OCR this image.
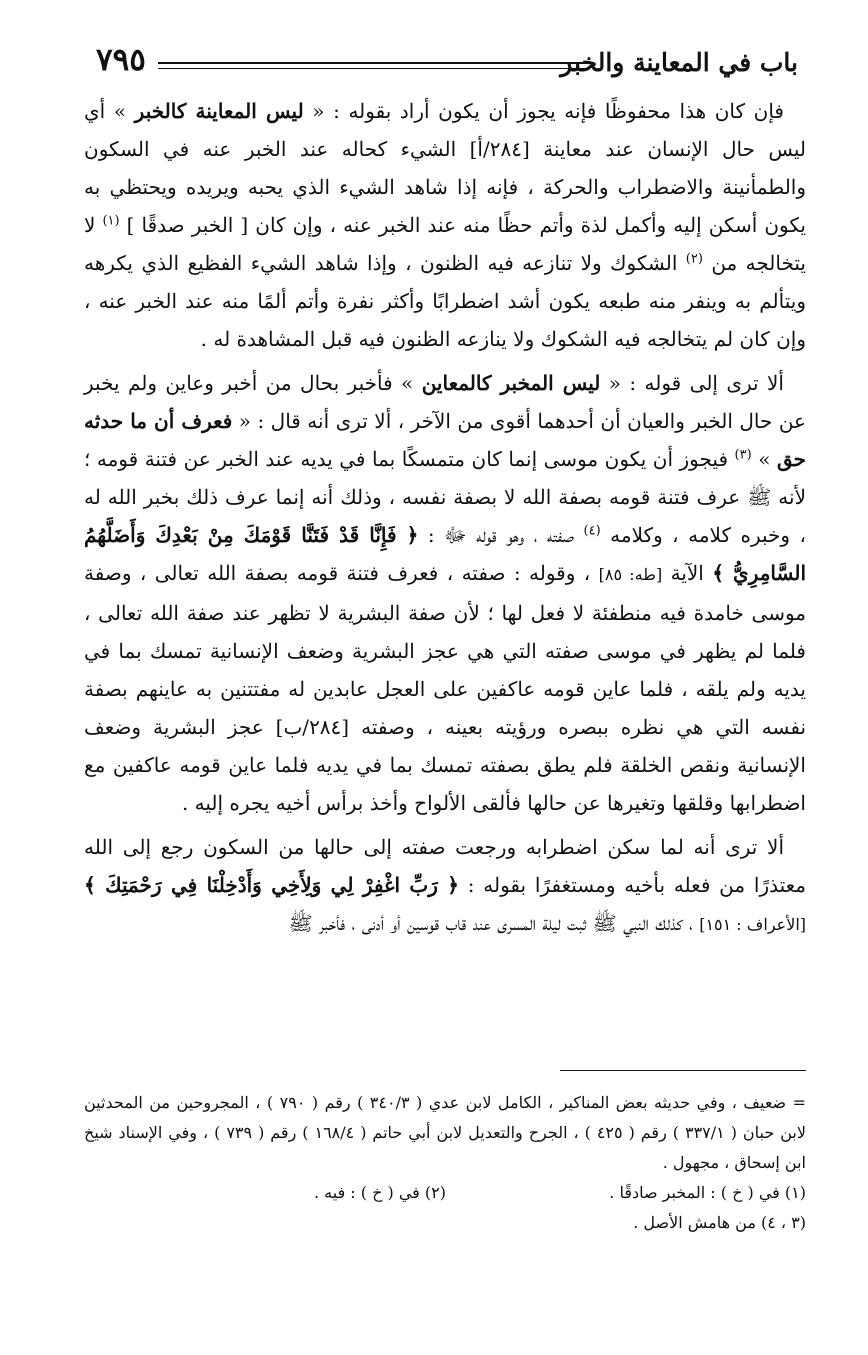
باب في المعاينة والخبر
٧٩٥

فإن كان هذا محفوظًا فإنه يجوز أن يكون أراد بقوله : « ليس المعاينة كالخبر » أي ليس حال الإنسان عند معاينة [٢٨٤/أ] الشيء كحاله عند الخبر عنه في السكون والطمأنينة والاضطراب والحركة ، فإنه إذا شاهد الشيء الذي يحبه ويريده ويحتظي به يكون أسكن إليه وأكمل لذة وأتم حظًا منه عند الخبر عنه ، وإن كان [ الخبر صدقًا ] $^{(١)}$ لا يتخالجه من $^{(٢)}$ الشكوك ولا تنازعه فيه الظنون ، وإذا شاهد الشيء الفظيع الذي يكرهه ويتألم به وينفر منه طبعه يكون أشد اضطرابًا وأكثر نفرة وأتم ألمًا منه عند الخبر عنه ، وإن كان لم يتخالجه فيه الشكوك ولا ينازعه الظنون فيه قبل المشاهدة له .

ألا ترى إلى قوله : « ليس المخبر كالمعاين » فأخبر بحال من أخبر وعاين ولم يخبر عن حال الخبر والعيان أن أحدهما أقوى من الآخر ، ألا ترى أنه قال : « فعرف أن ما حدثه حق » $^{(٣)}$ فيجوز أن يكون موسى إنما كان متمسكًا بما في يديه عند الخبر عن فتنة قومه ؛ لأنه ﷺ عرف فتنة قومه بصفة الله لا بصفة نفسه ، وذلك أنه إنما عرف ذلك بخبر الله له ، وخبره كلامه ، وكلامه $^{(٤)}$ صفته ، وهو قوله ﷻ : ﴿ فَإِنَّا قَدْ فَتَنَّا قَوْمَكَ مِنْ بَعْدِكَ وَأَضَلَّهُمُ السَّامِرِيُّ ﴾ الآية [طه: ٨٥] ، وقوله : صفته ، فعرف فتنة قومه بصفة الله تعالى ، وصفة موسى خامدة فيه منطفئة لا فعل لها ؛ لأن صفة البشرية لا تظهر عند صفة الله تعالى ، فلما لم يظهر في موسى صفته التي هي عجز البشرية وضعف الإنسانية تمسك بما في يديه ولم يلقه ، فلما عاين قومه عاكفين على العجل عابدين له مفتتنين به عاينهم بصفة نفسه التي هي نظره ببصره ورؤيته بعينه ، وصفته [٢٨٤/ب] عجز البشرية وضعف الإنسانية ونقص الخلقة فلم يطق بصفته تمسك بما في يديه فلما عاين قومه عاكفين مع اضطرابها وقلقها وتغيرها عن حالها فألقى الألواح وأخذ برأس أخيه يجره إليه .

ألا ترى أنه لما سكن اضطرابه ورجعت صفته إلى حالها من السكون رجع إلى الله معتذرًا من فعله بأخيه ومستغفرًا بقوله : ﴿ رَبِّ اغْفِرْ لِي وَلِأَخِي وَأَدْخِلْنَا فِي رَحْمَتِكَ ﴾ [الأعراف : ١٥١] ، كذلك النبي ﷺ ثبت ليلة المسرى عند قاب قوسين أو أدنى ، فأخبر ﷺ

= ضعيف ، وفي حديثه بعض المناكير ، الكامل لابن عدي ( ٣٤٠/٣ ) رقم ( ٧٩٠ ) ، المجروحين من المحدثين لابن حبان ( ٣٣٧/١ ) رقم ( ٤٢٥ ) ، الجرح والتعديل لابن أبي حاتم ( ١٦٨/٤ ) رقم ( ٧٣٩ ) ، وفي الإسناد شيخ ابن إسحاق ، مجهول .

(١) في ( خ ) : المخبر صادقًا .
(٢) في ( خ ) : فيه .

(٣ ، ٤) من هامش الأصل .
